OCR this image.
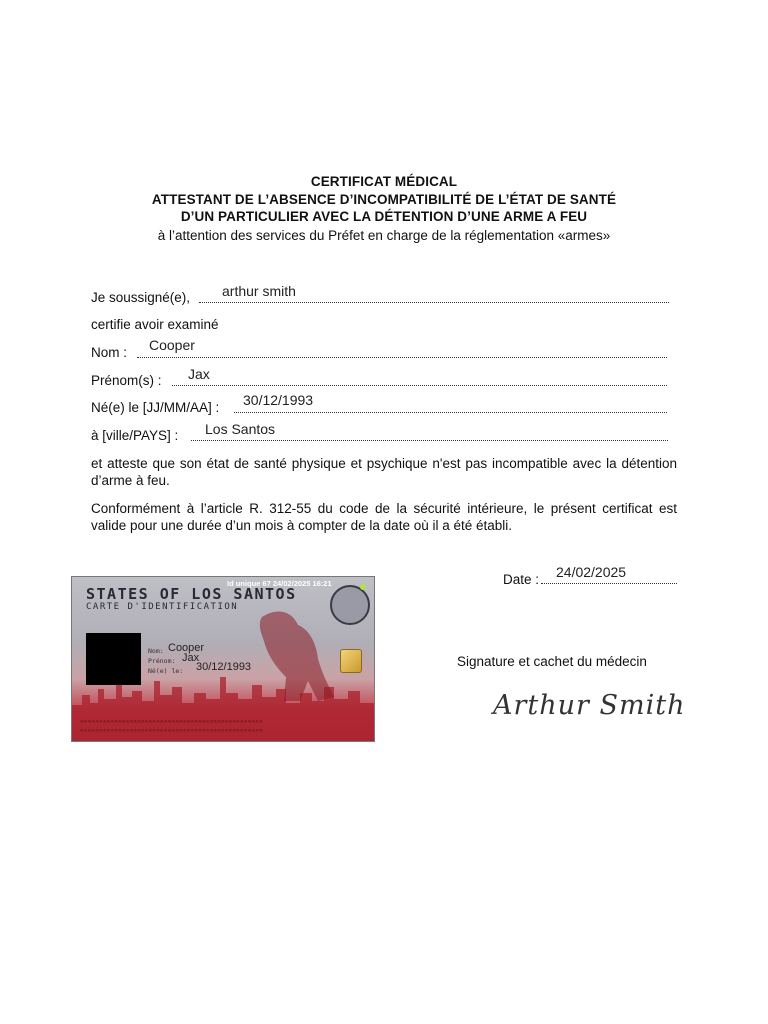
CERTIFICAT MÉDICAL
ATTESTANT DE L’ABSENCE D’INCOMPATIBILITÉ DE L’ÉTAT DE SANTÉ
D’UN PARTICULIER AVEC LA DÉTENTION D’UNE ARME A FEU
à l’attention des services du Préfet en charge de la réglementation «armes»
Je soussigné(e), arthur smith
certifie avoir examiné
Nom : Cooper
Prénom(s) : Jax
Né(e) le [JJ/MM/AA] : 30/12/1993
à [ville/PAYS] : Los Santos
et atteste que son état de santé physique et psychique n'est pas incompatible avec la détention d’arme à feu.
Conformément à l’article R. 312-55 du code de la sécurité intérieure, le présent certificat est valide pour une durée d’un mois à compter de la date où il a été établi.
Date : 24/02/2025
Id unique 67 24/02/2025 16:21
STATES OF LOS SANTOS
CARTE D'IDENTIFICATION
Nom: Cooper
Prénom: Jax
Né(e) le: 30/12/1993
<<<<<<<<<<<<<<<<<<<<<<<<<<<<<<<<<<<<<<<<<<<<<<<<
<<<<<<<<<<<<<<<<<<<<<<<<<<<<<<<<<<<<<<<<<<<<<<<<
Signature et cachet du médecin
Arthur Smith
